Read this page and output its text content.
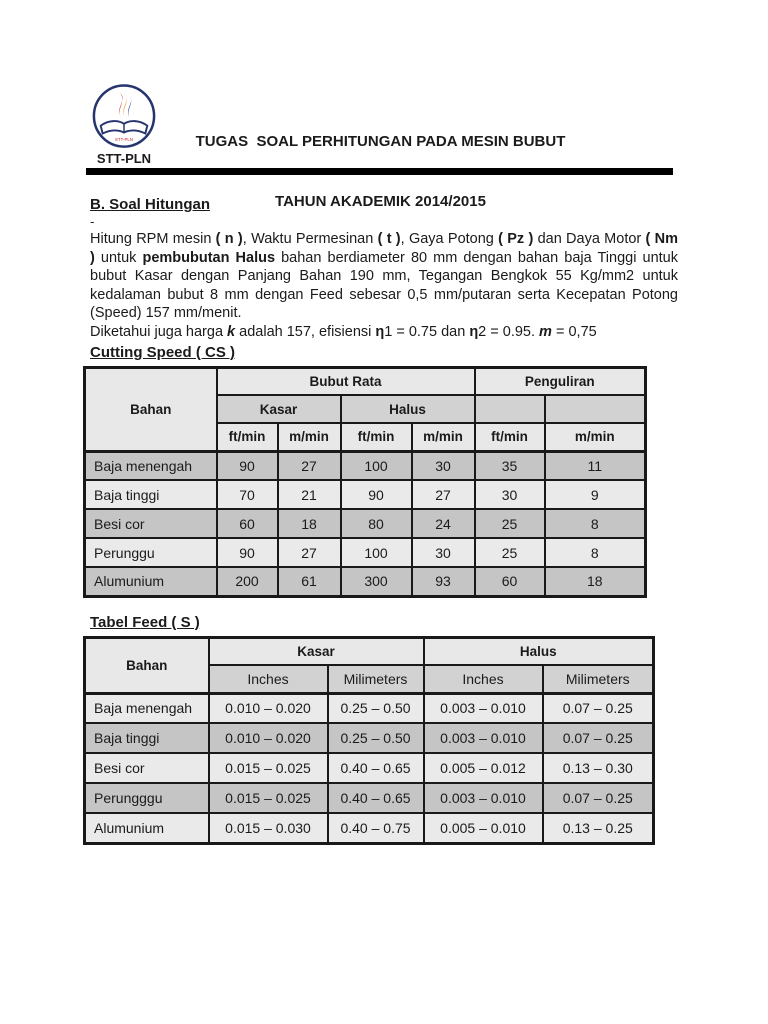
STT-PLN
STT-PLN

TUGAS  SOAL PERHITUNGAN PADA MESIN BUBUT

TAHUN AKADEMIK 2014/2015

B. Soal Hitungan
-

Hitung RPM mesin ( n ), Waktu Permesinan ( t ), Gaya Potong ( Pz ) dan Daya Motor ( Nm ) untuk pembubutan Halus bahan berdiameter 80 mm dengan bahan baja Tinggi untuk bubut Kasar dengan Panjang Bahan 190 mm, Tegangan Bengkok 55 Kg/mm2 untuk kedalaman bubut 8 mm dengan Feed sebesar 0,5 mm/putaran serta Kecepatan Potong (Speed) 157 mm/menit.

Diketahui juga harga k adalah 157, efisiensi η1 = 0.75 dan η2 = 0.95. m = 0,75

Cutting Speed ( CS )
Bahan	Bubut Rata				Penguliran	
	Kasar		Halus			
	ft/min	m/min	ft/min	m/min	ft/min	m/min
Baja menengah	90	27	100	30	35	11
Baja tinggi	70	21	90	27	30	9
Besi cor	60	18	80	24	25	8
Perunggu	90	27	100	30	25	8
Alumunium	200	61	300	93	60	18
Tabel Feed ( S )
Bahan	Kasar		Halus	
	Inches	Milimeters	Inches	Milimeters
Baja menengah	0.010 – 0.020	0.25 – 0.50	0.003 – 0.010	0.07 – 0.25
Baja tinggi	0.010 – 0.020	0.25 – 0.50	0.003 – 0.010	0.07 – 0.25
Besi cor	0.015 – 0.025	0.40 – 0.65	0.005 – 0.012	0.13 – 0.30
Perungggu	0.015 – 0.025	0.40 – 0.65	0.003 – 0.010	0.07 – 0.25
Alumunium	0.015 – 0.030	0.40 – 0.75	0.005 – 0.010	0.13 – 0.25
